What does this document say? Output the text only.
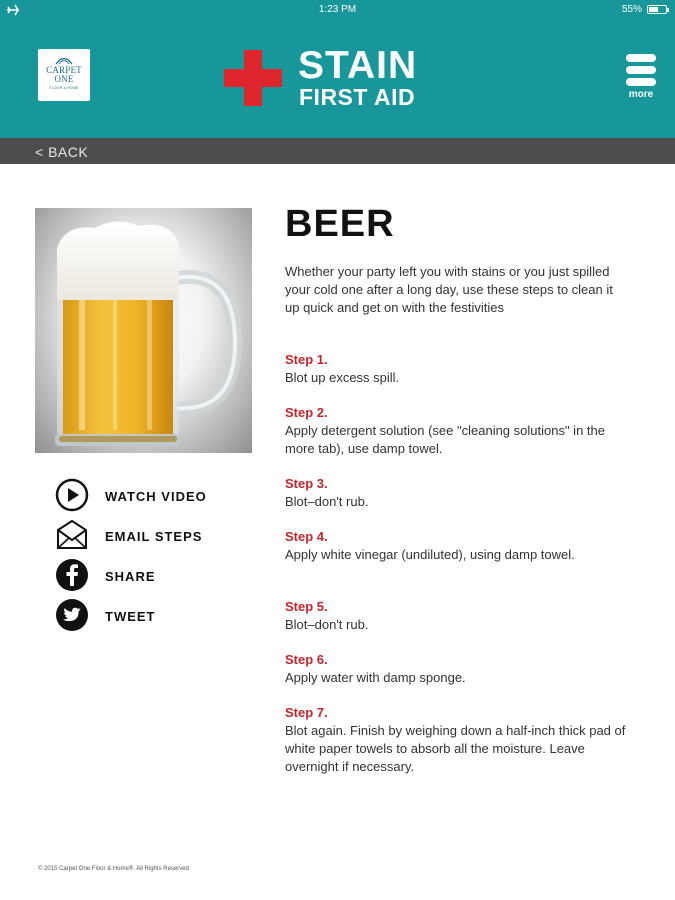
1:23 PM	55%
CARPET
ONE
FLOOR & HOME
STAIN
FIRST AID	more
< BACK
WATCH VIDEO
EMAIL STEPS
SHARE
TWEET
BEER

Whether your party left you with stains or you just spilled your cold one after a long day, use these steps to clean it up quick and get on with the festivities

Step 1.
Blot up excess spill.
Step 2.
Apply detergent solution (see "cleaning solutions" in the more tab), use damp towel.
Step 3.
Blot–don't rub.
Step 4.
Apply white vinegar (undiluted), using damp towel.
Step 5.
Blot–don't rub.
Step 6.
Apply water with damp sponge.
Step 7.
Blot again. Finish by weighing down a half-inch thick pad of white paper towels to absorb all the moisture. Leave overnight if necessary.
© 2015 Carpet One Floor & Home®. All Rights Reserved
